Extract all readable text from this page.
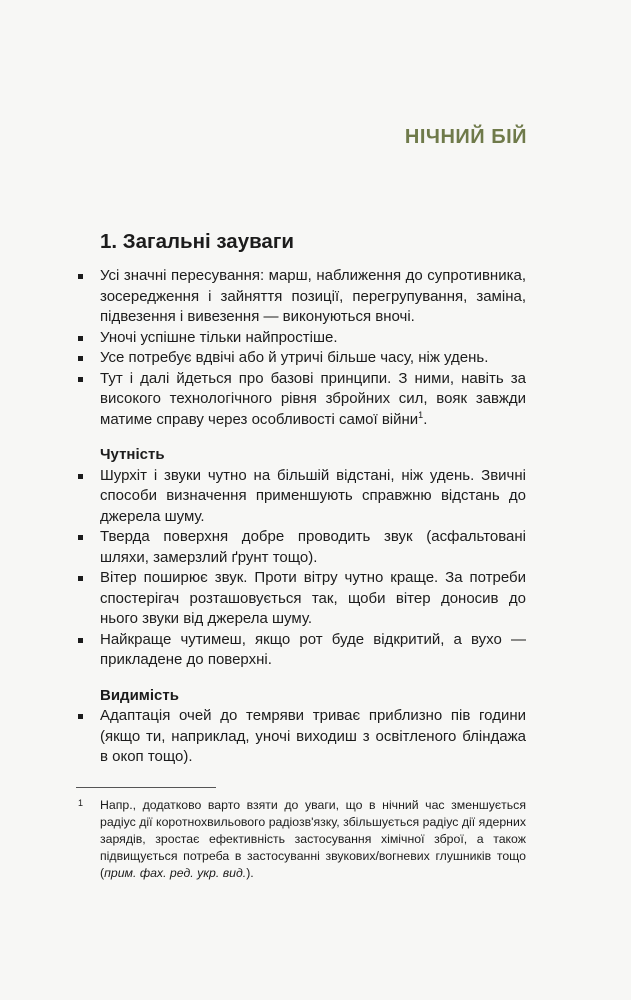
НІЧНИЙ БІЙ
1. Загальні зауваги
Усі значні пересування: марш, наближення до супротивника, зосередження і зайняття позиції, перегрупування, заміна, підвезення і вивезення — виконуються вночі.
Уночі успішне тільки найпростіше.
Усе потребує вдвічі або й утричі більше часу, ніж удень.
Тут і далі йдеться про базові принципи. З ними, навіть за високого технологічного рівня збройних сил, вояк завжди матиме справу через особливості самої війни$^1$.
Чутність
Шурхіт і звуки чутно на більшій відстані, ніж удень. Звичні способи визначення применшують справжню відстань до джерела шуму.
Тверда поверхня добре проводить звук (асфальтовані шляхи, замерзлий ґрунт тощо).
Вітер поширює звук. Проти вітру чутно краще. За потреби спостерігач розташовується так, щоби вітер доносив до нього звуки від джерела шуму.
Найкраще чутимеш, якщо рот буде відкритий, а вухо — прикладене до поверхні.
Видимість
Адаптація очей до темряви триває приблизно пів години (якщо ти, наприклад, уночі виходиш з освітленого бліндажа в окоп тощо).

1 Напр., додатково варто взяти до уваги, що в нічний час зменшується радіус дії коротнохвильового радіозв'язку, збільшується радіус дії ядерних зарядів, зростає ефективність застосування хімічної зброї, а також підвищується потреба в застосуванні звукових/вогневих глушників тощо (прим. фах. ред. укр. вид.).
